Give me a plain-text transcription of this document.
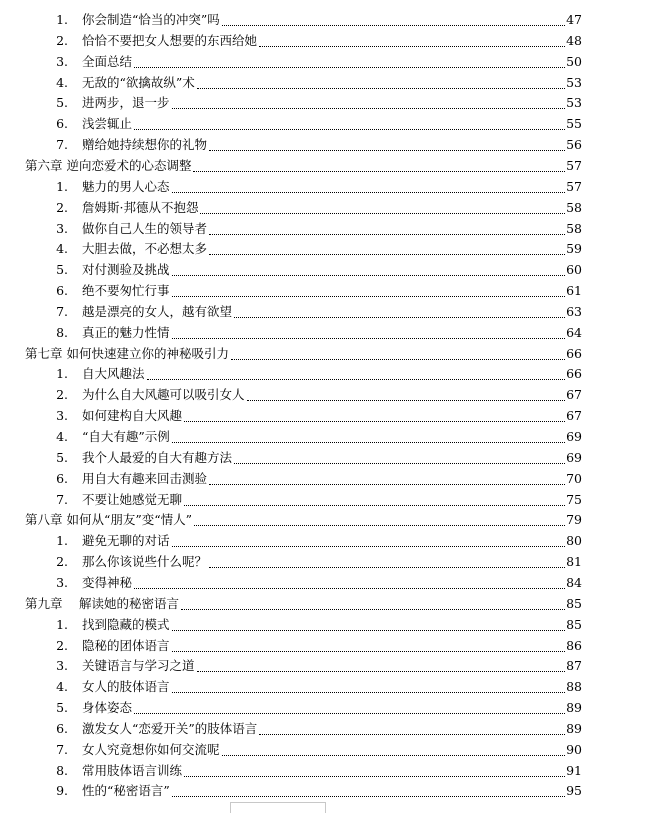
1. 你会制造“恰当的冲突”吗	47
2. 恰恰不要把女人想要的东西给她	48
3. 全面总结	50
4. 无敌的“欲擒故纵”术	53
5. 进两步，退一步	53
6. 浅尝辄止	55
7. 赠给她持续想你的礼物	56
第六章 逆向恋爱术的心态调整	57
1. 魅力的男人心态	57
2. 詹姆斯·邦德从不抱怨	58
3. 做你自己人生的领导者	58
4. 大胆去做，不必想太多	59
5. 对付测验及挑战	60
6. 绝不要匆忙行事	61
7. 越是漂亮的女人，越有欲望	63
8. 真正的魅力性情	64
第七章 如何快速建立你的神秘吸引力	66
1. 自大风趣法	66
2. 为什么自大风趣可以吸引女人	67
3. 如何建构自大风趣	67
4. “自大有趣”示例	69
5. 我个人最爱的自大有趣方法	69
6. 用自大有趣来回击测验	70
7. 不要让她感觉无聊	75
第八章 如何从“朋友”变“情人”	79
1. 避免无聊的对话	80
2. 那么你该说些什么呢？	81
3. 变得神秘	84
第九章　 解读她的秘密语言	85
1. 找到隐藏的模式	85
2. 隐秘的团体语言	86
3. 关键语言与学习之道	87
4. 女人的肢体语言	88
5. 身体姿态	89
6. 激发女人“恋爱开关”的肢体语言	89
7. 女人究竟想你如何交流呢	90
8. 常用肢体语言训练	91
9. 性的“秘密语言”	95
